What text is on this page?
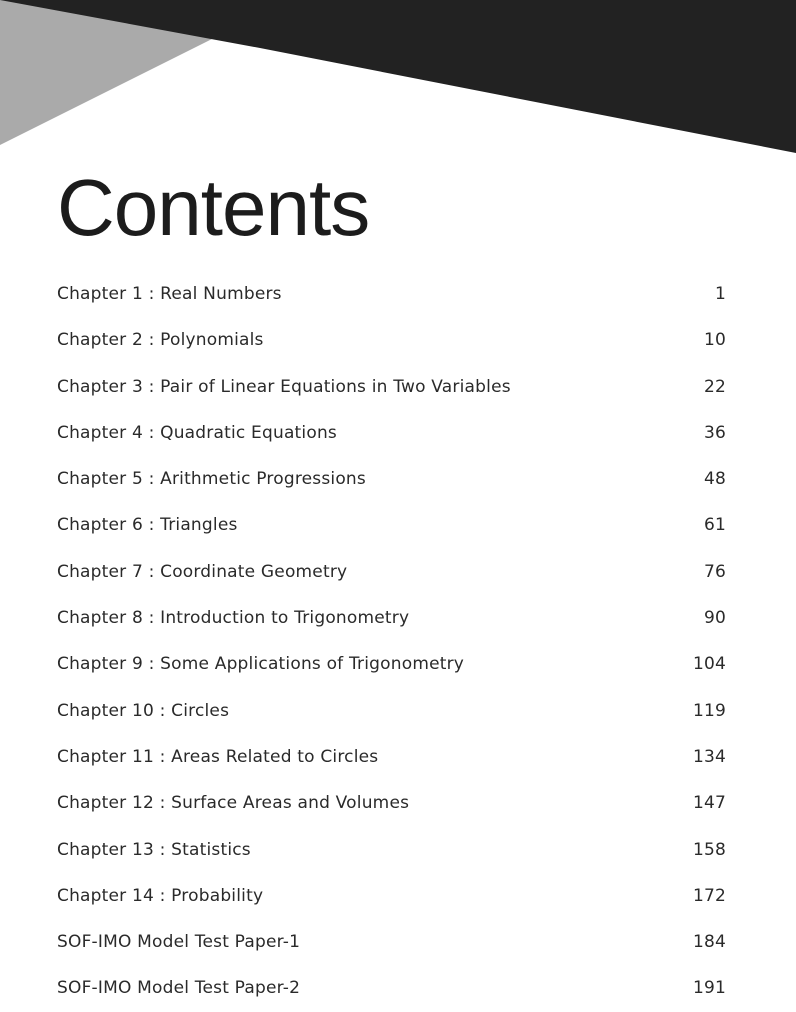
Contents
Chapter 1 : Real Numbers	1
Chapter 2 : Polynomials	10
Chapter 3 : Pair of Linear Equations in Two Variables	22
Chapter 4 : Quadratic Equations	36
Chapter 5 : Arithmetic Progressions	48
Chapter 6 : Triangles	61
Chapter 7 : Coordinate Geometry	76
Chapter 8 : Introduction to Trigonometry	90
Chapter 9 : Some Applications of Trigonometry	104
Chapter 10 : Circles	119
Chapter 11 : Areas Related to Circles	134
Chapter 12 : Surface Areas and Volumes	147
Chapter 13 : Statistics	158
Chapter 14 : Probability	172
SOF-IMO Model Test Paper-1	184
SOF-IMO Model Test Paper-2	191
